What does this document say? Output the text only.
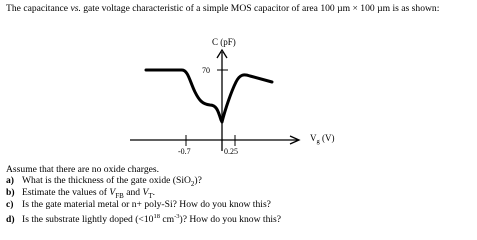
The capacitance vs. gate voltage characteristic of a simple MOS capacitor of area 100 µm × 100 µm is as shown:
C (pF)
$V_g$ (V)
70
-0.7	0.25
Assume that there are no oxide charges.
a) What is the thickness of the gate oxide (SiO$_2$)?
b) Estimate the values of $V_{FB}$ and $V_T$.
c) Is the gate material metal or n+ poly-Si? How do you know this?
d) Is the substrate lightly doped ($<10^{18}$ $cm^{-3}$)? How do you know this?
